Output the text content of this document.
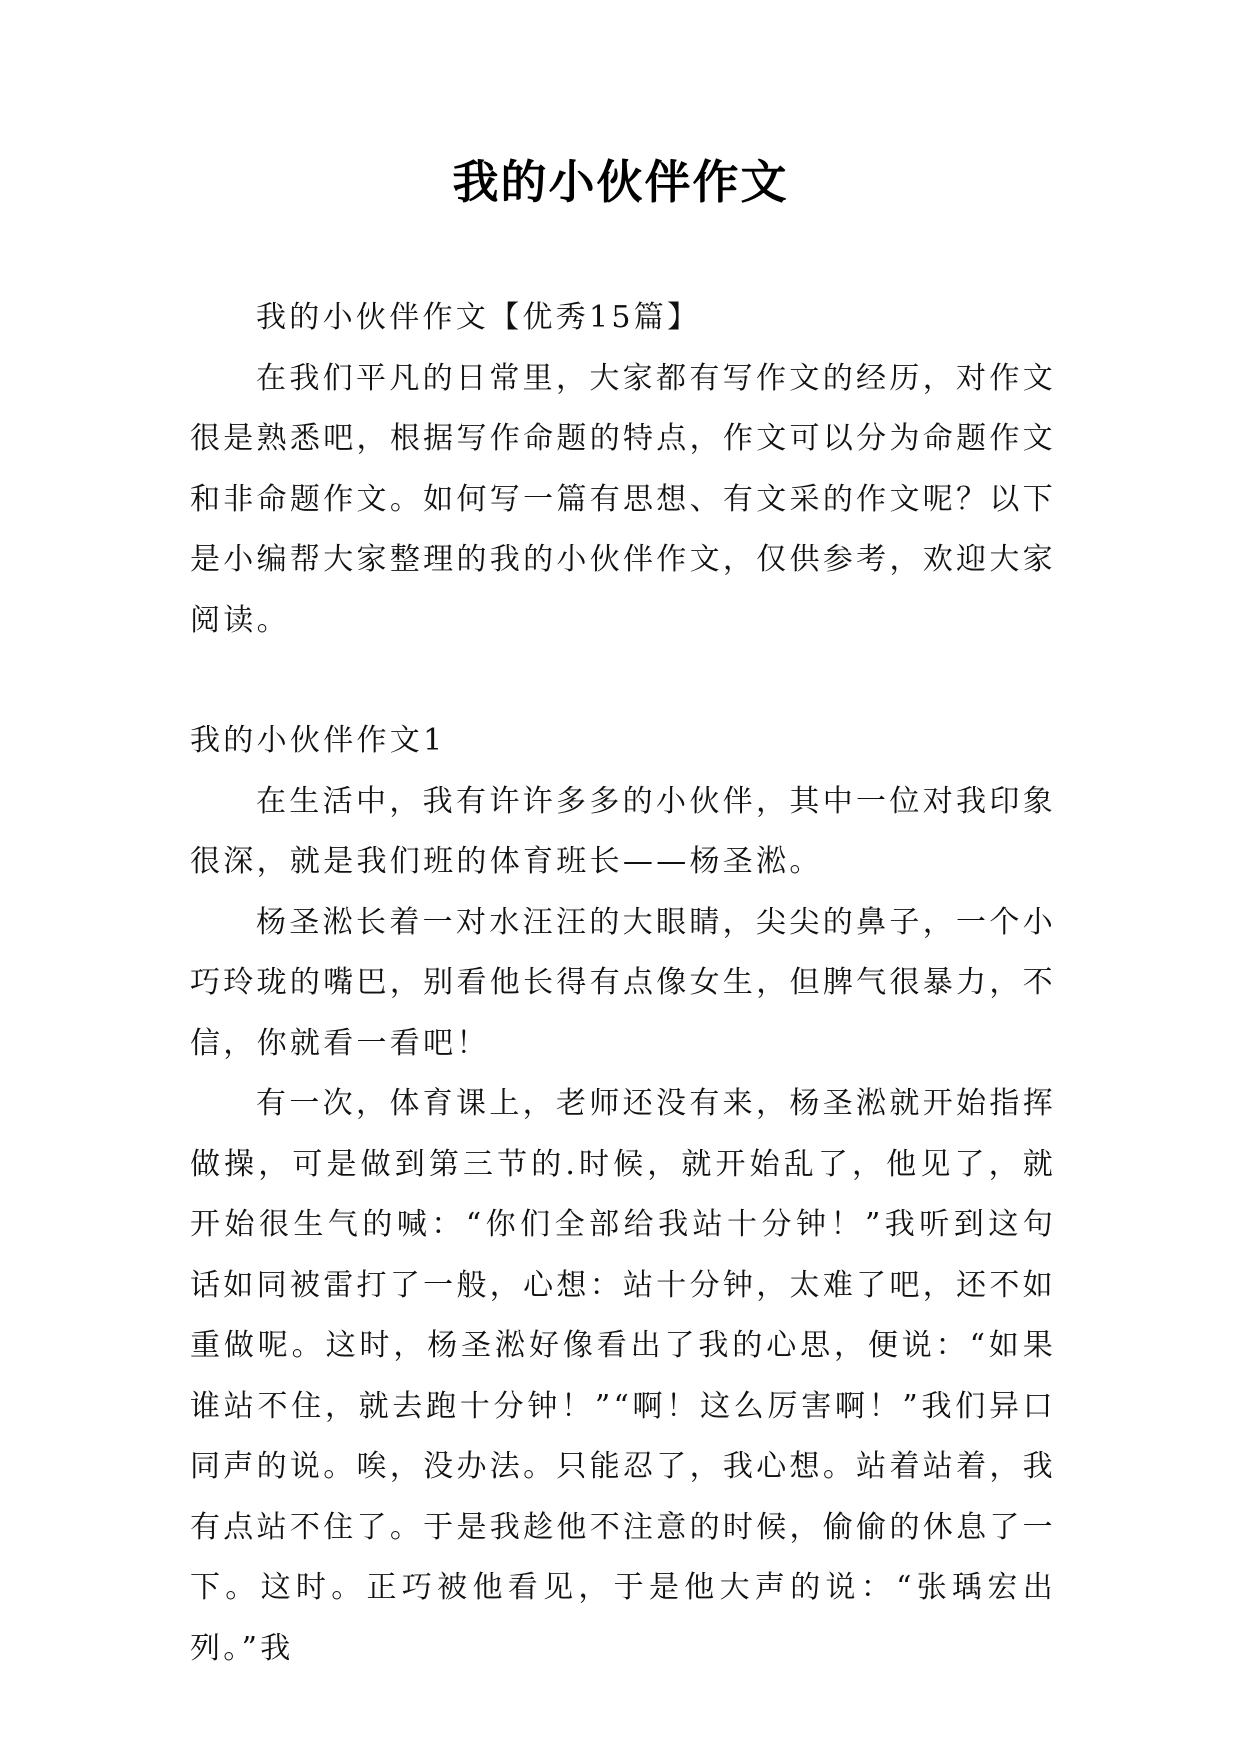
我的小伙伴作文

我的小伙伴作文【优秀15篇】

在我们平凡的日常里，大家都有写作文的经历，对作文很是熟悉吧，根据写作命题的特点，作文可以分为命题作文和非命题作文。如何写一篇有思想、有文采的作文呢？以下是小编帮大家整理的我的小伙伴作文，仅供参考，欢迎大家阅读。

我的小伙伴作文1

在生活中，我有许许多多的小伙伴，其中一位对我印象很深，就是我们班的体育班长——杨圣淞。

杨圣淞长着一对水汪汪的大眼睛，尖尖的鼻子，一个小巧玲珑的嘴巴，别看他长得有点像女生，但脾气很暴力，不信，你就看一看吧！

有一次，体育课上，老师还没有来，杨圣淞就开始指挥做操，可是做到第三节的.时候，就开始乱了，他见了，就开始很生气的喊：“你们全部给我站十分钟！”我听到这句话如同被雷打了一般，心想：站十分钟，太难了吧，还不如重做呢。这时，杨圣淞好像看出了我的心思，便说：“如果谁站不住，就去跑十分钟！”“啊！这么厉害啊！”我们异口同声的说。唉，没办法。只能忍了，我心想。站着站着，我有点站不住了。于是我趁他不注意的时候，偷偷的休息了一下。这时。正巧被他看见，于是他大声的说：“张瑀宏出列。”我
